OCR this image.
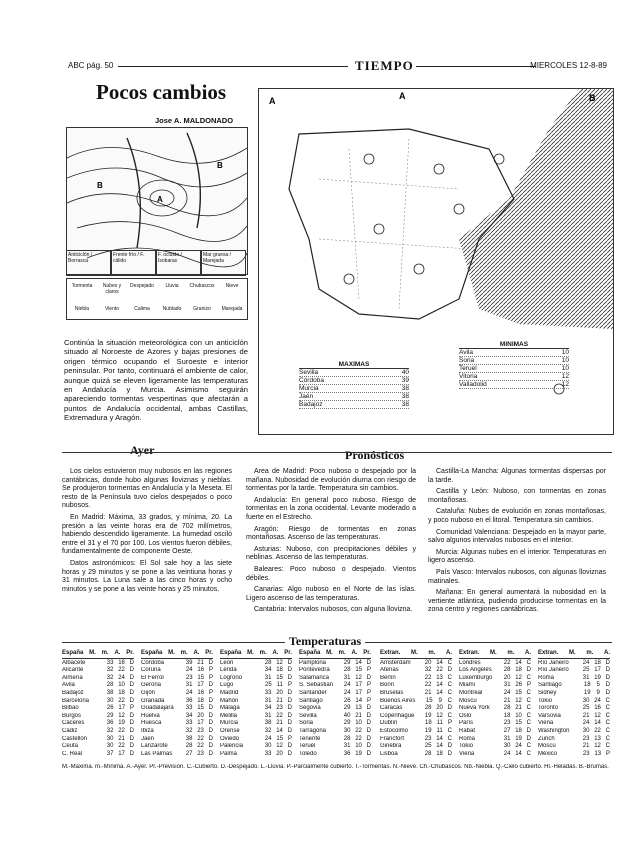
ABC pág. 50	TIEMPO	MIERCOLES 12-8-89
Pocos cambios
Jose A. MALDONADO
A
B
B
Anticiclón / Borrasca
Frente frío / F. cálido
F. ocluido / Isobaras
Mar gruesa / Marejada
Tormenta	Nubes y claros
Despejado	Lluvia	Chubascos	Nieve
Niebla	Viento	Calima	Nublado	Granizo	Marejada
Continúa la situación meteorológica con un anticiclón situado al Noroeste de Azores y bajas presiones de origen térmico ocupando el Suroeste e interior peninsular. Por tanto, continuará el ambiente de calor, aunque quizá se eleven ligeramente las temperaturas en Andalucía y Murcia. Asimismo seguirán apareciendo tormentas vespertinas que afectarán a puntos de Andalucía occidental, ambas Castillas, Extremadura y Aragón.
A	A	B
MAXIMAS
Sevilla	40
Córdoba	39
Murcia	38
Jaén	38
Badajoz	38
MINIMAS
Avila	10
Soria	10
Teruel	10
Vitoria	12
Valladolid	12
Ayer	Pronósticos

Los cielos estuvieron muy nubosos en las regiones cantábricas, donde hubo algunas lloviznas y nieblas. Se produjeron tormentas en Andalucía y la Meseta. El resto de la Península tuvo cielos despejados o poco nubosos.

En Madrid: Máxima, 33 grados, y mínima, 20. La presión a las veinte horas era de 702 milímetros, habiendo descendido ligeramente. La humedad osciló entre el 31 y el 70 por 100. Los vientos fueron débiles, fundamentalmente de componente Oeste.

Datos astronómicos: El Sol sale hoy a las siete horas y 29 minutos y se pone a las veintiuna horas y 31 minutos. La Luna sale a las cinco horas y ocho minutos y se pone a las veinte horas y 25 minutos.

Area de Madrid: Poco nuboso o despejado por la mañana. Nubosidad de evolución diurna con riesgo de tormentas por la tarde. Temperatura sin cambios.

Andalucía: En general poco nuboso. Riesgo de tormentas en la zona occidental. Levante moderado a fuerte en el Estrecho.

Aragón: Riesgo de tormentas en zonas montañosas. Ascenso de las temperaturas.

Asturias: Nuboso, con precipitaciones débiles y neblinas. Ascenso de las temperaturas.

Baleares: Poco nuboso o despejado. Vientos débiles.

Canarias: Algo nuboso en el Norte de las islas. Ligero ascenso de las temperaturas.

Cantabria: Intervalos nubosos, con alguna llovizna.

Castilla-La Mancha: Algunas tormentas dispersas por la tarde.

Castilla y León: Nuboso, con tormentas en zonas montañosas.

Cataluña: Nubes de evolución en zonas montañosas, y poco nuboso en el litoral. Temperatura sin cambios.

Comunidad Valenciana: Despejado en la mayor parte, salvo algunos intervalos nubosos en el interior.

Murcia: Algunas nubes en el interior. Temperaturas en ligero ascenso.

País Vasco: Intervalos nubosos, con algunas lloviznas matinales.

Mañana: En general aumentará la nubosidad en la vertiente atlántica, pudiendo producirse tormentas en la zona centro y regiones cantábricas.

Temperaturas
España M. m. A. Pr.
Albacete	33 16 D
Alicante	32 22 D
Almería	32 24 D
Avila	28 10 D
Badajoz	38 18 D
Barcelona	30 22 D
Bilbao	26 17 P
Burgos	29 12 D
Cáceres	36 19 D
Cádiz	32 22 D
Castellón	30 21 D
Ceuta	30 22 D
C. Real	37 17 D
España M. m. A. Pr.
Córdoba	39 21 D
Coruña	24 16 P
El Ferrol	23 15 P
Gerona	31 17 D
Gijón	24 16 P
Granada	36 18 D
Guadalajara	33 15 D
Huelva	34 20 D
Huesca	33 17 D
Ibiza	32 23 D
Jaén	38 22 D
Lanzarote	28 22 D
Las Palmas	27 23 D
España M. m. A. Pr.
León	28 12 D
Lérida	34 18 D
Logroño	31 15 D
Lugo	25 11 P
Madrid	33 20 D
Mahón	31 21 D
Málaga	34 23 D
Melilla	31 22 D
Murcia	38 21 D
Orense	32 14 D
Oviedo	24 15 P
Palencia	30 12 D
Palma	33 20 D
España M. m. A. Pr.
Pamplona	29 14 D
Pontevedra	28 15 P
Salamanca	31 12 D
S. Sebastián	24 17 P
Santander	24 17 P
Santiago	26 14 P
Segovia	29 13 D
Sevilla	40 21 D
Soria	29 10 D
Tarragona	30 22 D
Tenerife	28 22 D
Teruel	31 10 D
Toledo	36 19 D
Extran. M. m. A.
Amsterdam	20 14 C
Atenas	32 22 D
Berlín	22 13 C
Bonn	22 14 C
Bruselas	21 14 C
Buenos Aires	15 9 C
Caracas	28 20 D
Copenhague	19 12 C
Dublín	18 11 P
Estocolmo	19 11 C
Francfort	23 14 C
Ginebra	25 14 D
Lisboa	28 18 D
Extran. M. m. A.
Londres	22 14 C
Los Angeles	28 18 D
Luxemburgo	20 12 C
Miami	31 26 P
Montreal	24 15 C
Moscú	21 12 C
Nueva York	28 21 C
Oslo	18 10 C
París	23 15 C
Rabat	27 18 D
Roma	31 19 D
Tokio	30 24 C
Viena	24 14 C
Extran. M. m. A.
Río Janeiro	24 18 D
Río Janeiro	25 17 D
Roma	31 19 D
Santiago	18 5 D
Sidney	19 9 D
Tokio	30 24 C
Toronto	25 16 C
Varsovia	21 12 C
Viena	24 14 C
Washington	30 22 C
Zurich	23 13 C
Moscú	21 12 C
México	23 13 P
M.-Máxima. m.-Mínima. A.-Ayer. Pr.-Previsión. C.-Cubierto. D.-Despejado. L.-Lluvia. P.-Parcialmente cubierto. T.-Tormentas. N.-Nieve. Ch.-Chubascos. Nb.-Niebla. Q.-Cielo cubierto. Hl.-Heladas. B.-Brumas.
